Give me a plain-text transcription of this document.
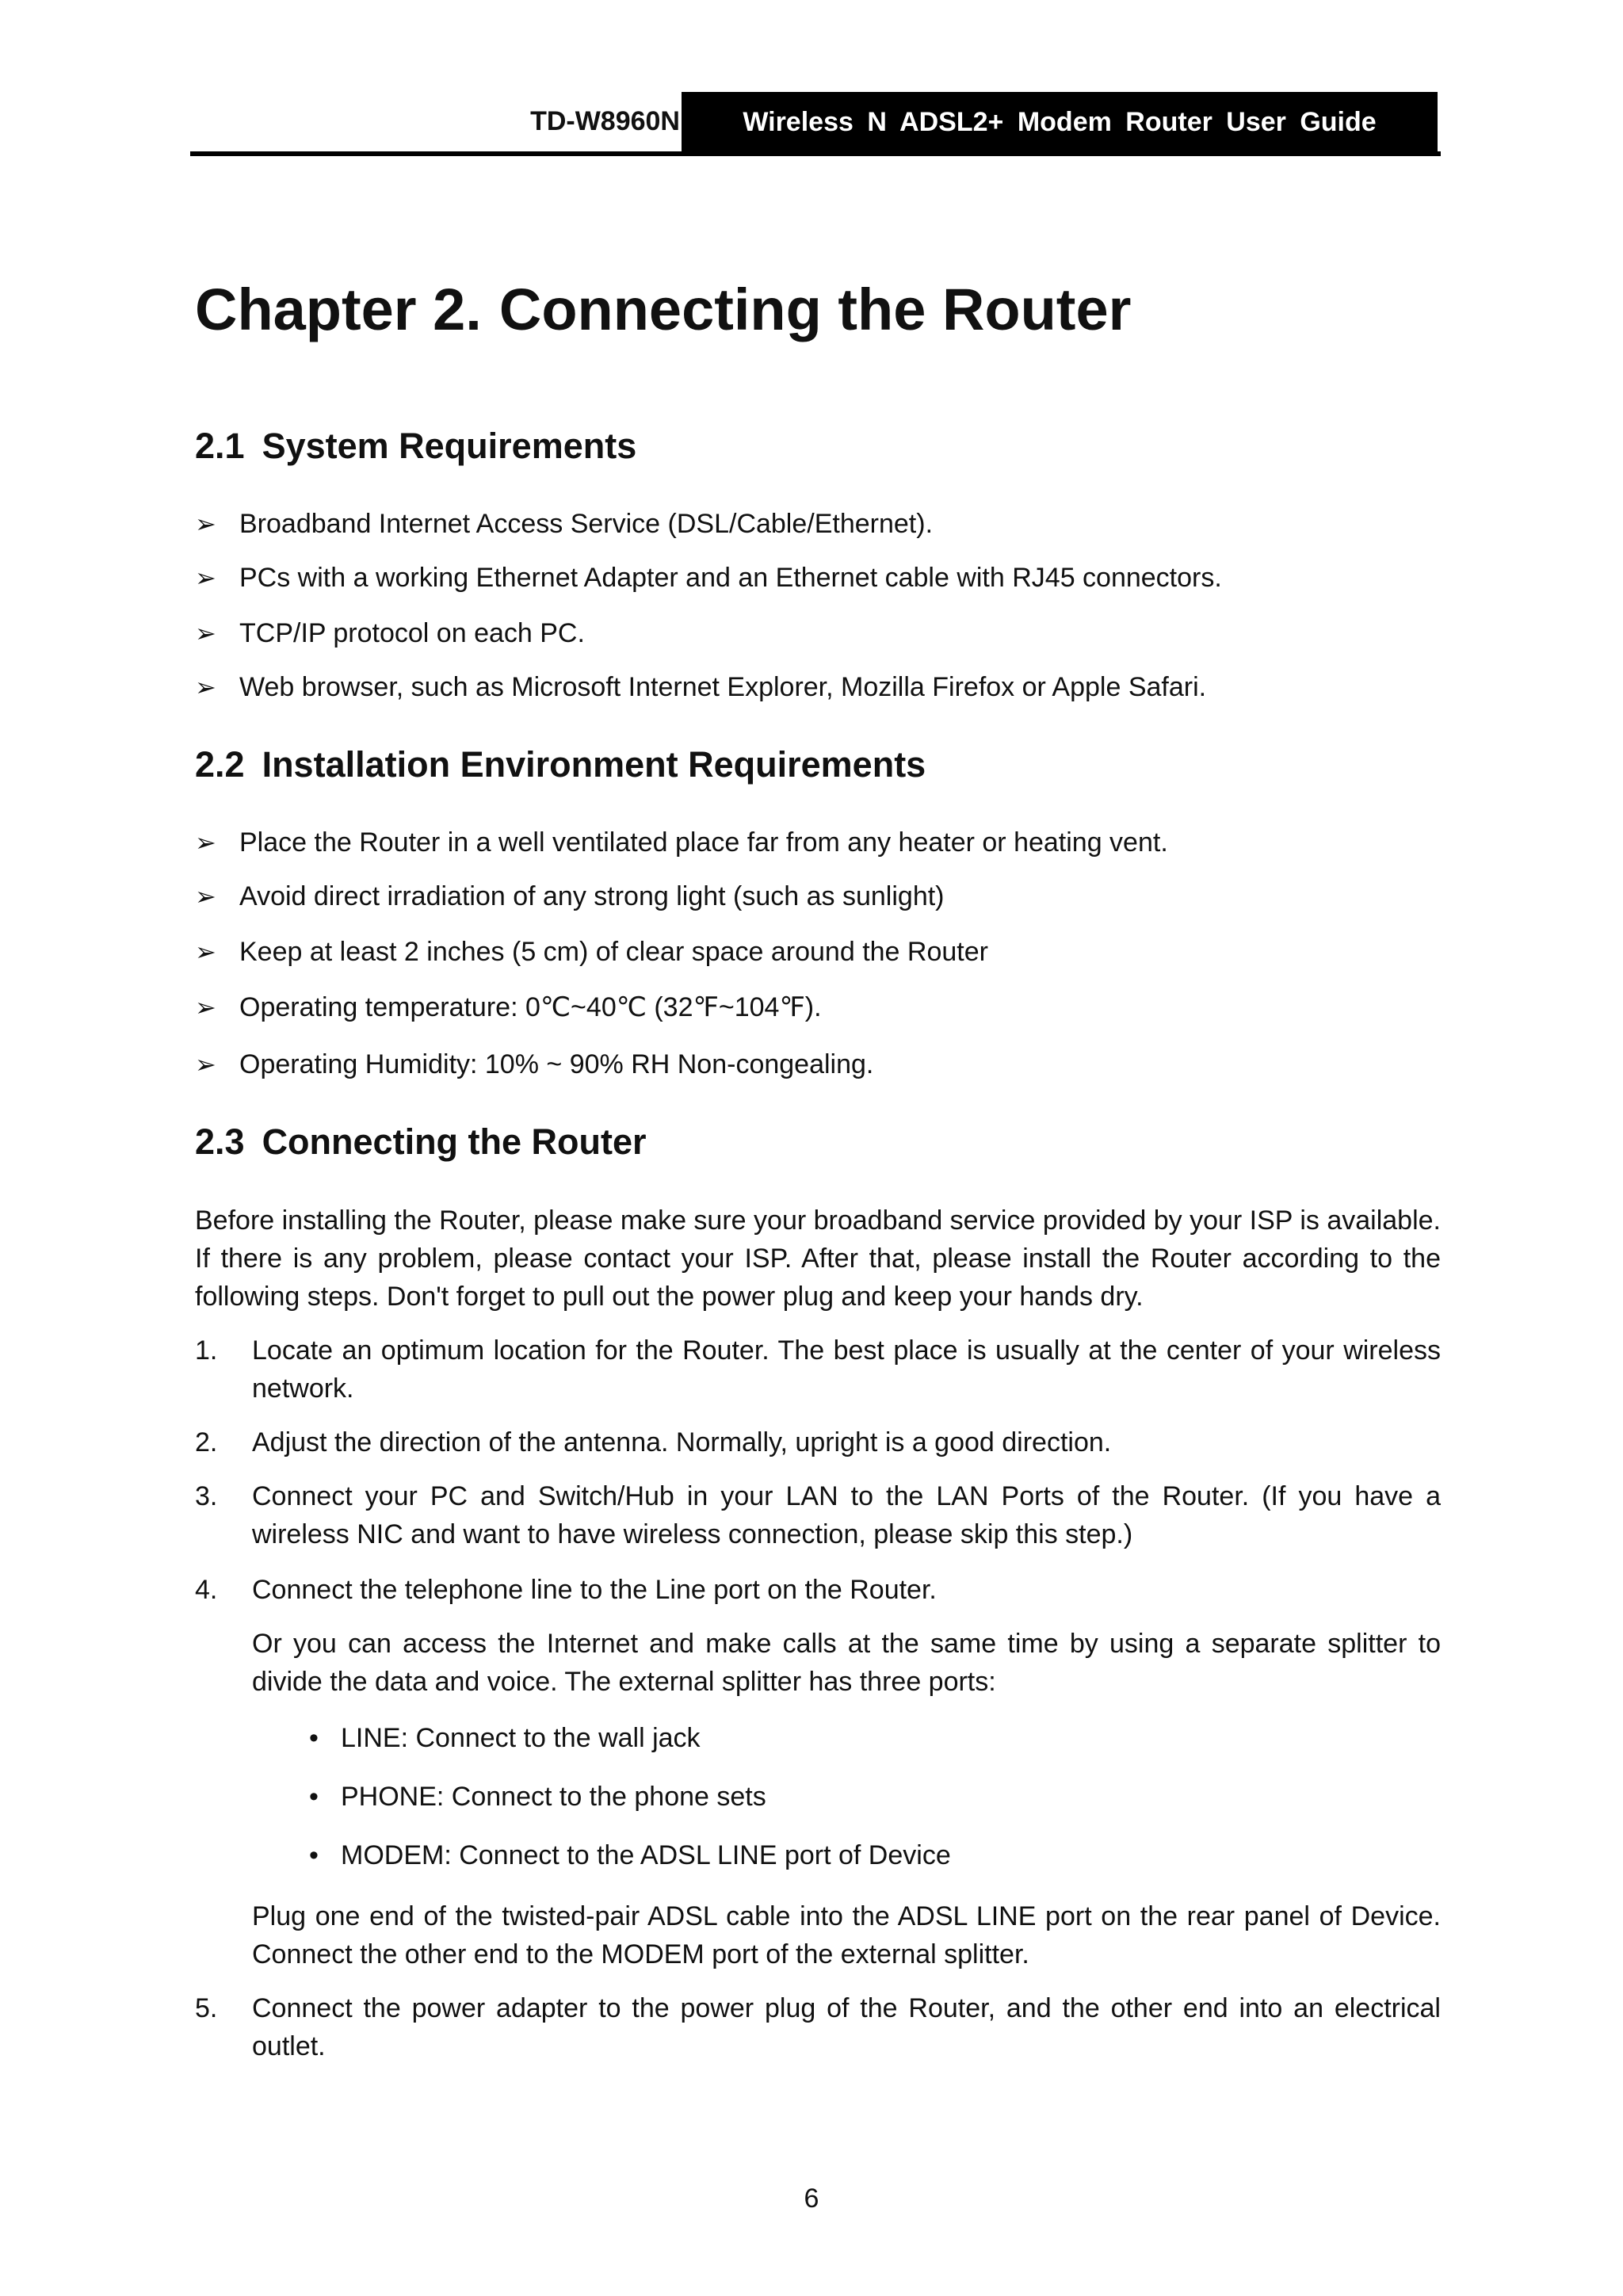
TD-W8960N	Wireless N ADSL2+ Modem Router User Guide
Chapter 2. Connecting the Router
2.1 System Requirements

➢ Broadband Internet Access Service (DSL/Cable/Ethernet).

➢ PCs with a working Ethernet Adapter and an Ethernet cable with RJ45 connectors.

➢ TCP/IP protocol on each PC.

➢ Web browser, such as Microsoft Internet Explorer, Mozilla Firefox or Apple Safari.

2.2 Installation Environment Requirements

➢ Place the Router in a well ventilated place far from any heater or heating vent.

➢ Avoid direct irradiation of any strong light (such as sunlight)

➢ Keep at least 2 inches (5 cm) of clear space around the Router

➢ Operating temperature: 0℃~40℃ (32℉~104℉).

➢ Operating Humidity: 10% ~ 90% RH Non-congealing.

2.3 Connecting the Router

Before installing the Router, please make sure your broadband service provided by your ISP is available. If there is any problem, please contact your ISP. After that, please install the Router according to the following steps. Don't forget to pull out the power plug and keep your hands dry.

1. Locate an optimum location for the Router. The best place is usually at the center of your wireless network.
2. Adjust the direction of the antenna. Normally, upright is a good direction.
3. Connect your PC and Switch/Hub in your LAN to the LAN Ports of the Router. (If you have a wireless NIC and want to have wireless connection, please skip this step.)
4. Connect the telephone line to the Line port on the Router.

Or you can access the Internet and make calls at the same time by using a separate splitter to divide the data and voice. The external splitter has three ports:

• LINE: Connect to the wall jack

• PHONE: Connect to the phone sets

• MODEM: Connect to the ADSL LINE port of Device

Plug one end of the twisted-pair ADSL cable into the ADSL LINE port on the rear panel of Device. Connect the other end to the MODEM port of the external splitter.

5. Connect the power adapter to the power plug of the Router, and the other end into an electrical outlet.
6
